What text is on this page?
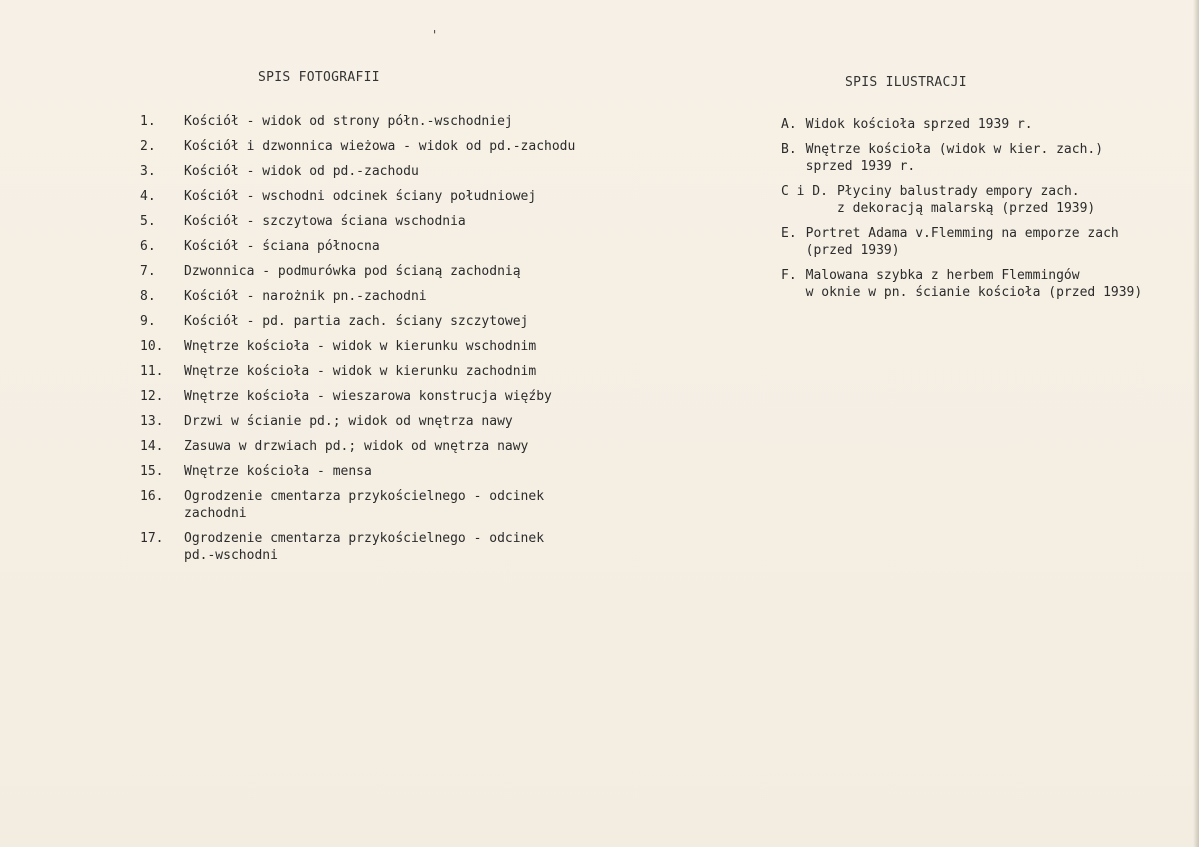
'
SPIS FOTOGRAFII
1.	Kościół - widok od strony półn.-wschodniej
2.	Kościół i dzwonnica wieżowa - widok od pd.-zachodu
3.	Kościół - widok od pd.-zachodu
4.	Kościół - wschodni odcinek ściany południowej
5.	Kościół - szczytowa ściana wschodnia
6.	Kościół - ściana północna
7.	Dzwonnica - podmurówka pod ścianą zachodnią
8.	Kościół - narożnik pn.-zachodni
9.	Kościół - pd. partia zach. ściany szczytowej
10.	Wnętrze kościoła - widok w kierunku wschodnim
11.	Wnętrze kościoła - widok w kierunku zachodnim
12.	Wnętrze kościoła - wieszarowa konstrucja więźby
13.	Drzwi w ścianie pd.; widok od wnętrza nawy
14.	Zasuwa w drzwiach pd.; widok od wnętrza nawy
15.	Wnętrze kościoła - mensa
16.	Ogrodzenie cmentarza przykościelnego - odcinek
zachodni
17.	Ogrodzenie cmentarza przykościelnego - odcinek
pd.-wschodni
SPIS ILUSTRACJI
A. Widok kościoła sprzed 1939 r.
B. Wnętrze kościoła (widok w kier. zach.)
sprzed 1939 r.
C i D. Płyciny balustrady empory zach.
z dekoracją malarską (przed 1939)
E. Portret Adama v.Flemming na emporze zach
(przed 1939)
F. Malowana szybka z herbem Flemmingów
w oknie w pn. ścianie kościoła (przed 1939)
